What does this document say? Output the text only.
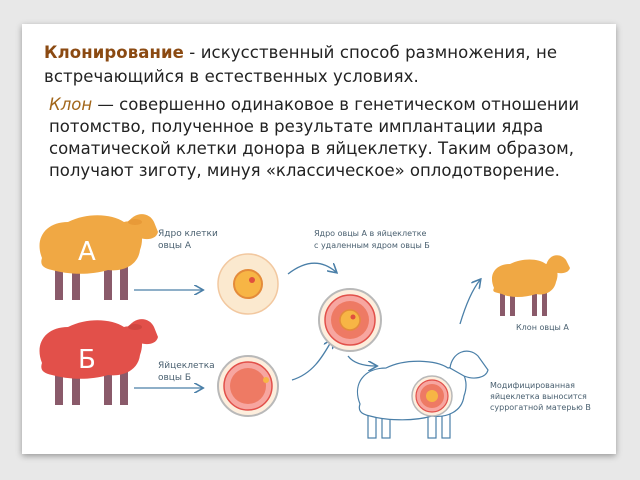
Клонирование - искусственный способ размножения, не встречающийся в естественных условиях.
Клон — совершенно одинаковое в генетическом отношении потомство, полученное в результате имплантации ядра соматической клетки донора в яйцеклетку. Таким образом, получают зиготу, минуя «классическое» оплодотворение.
А
Б
Ядро клетки
овцы А
Яйцеклетка
овцы Б
Ядро овцы А в яйцеклетке
с удаленным ядром овцы Б
Модифицированная
яйцеклетка выносится
суррогатной матерью В
Клон овцы А
